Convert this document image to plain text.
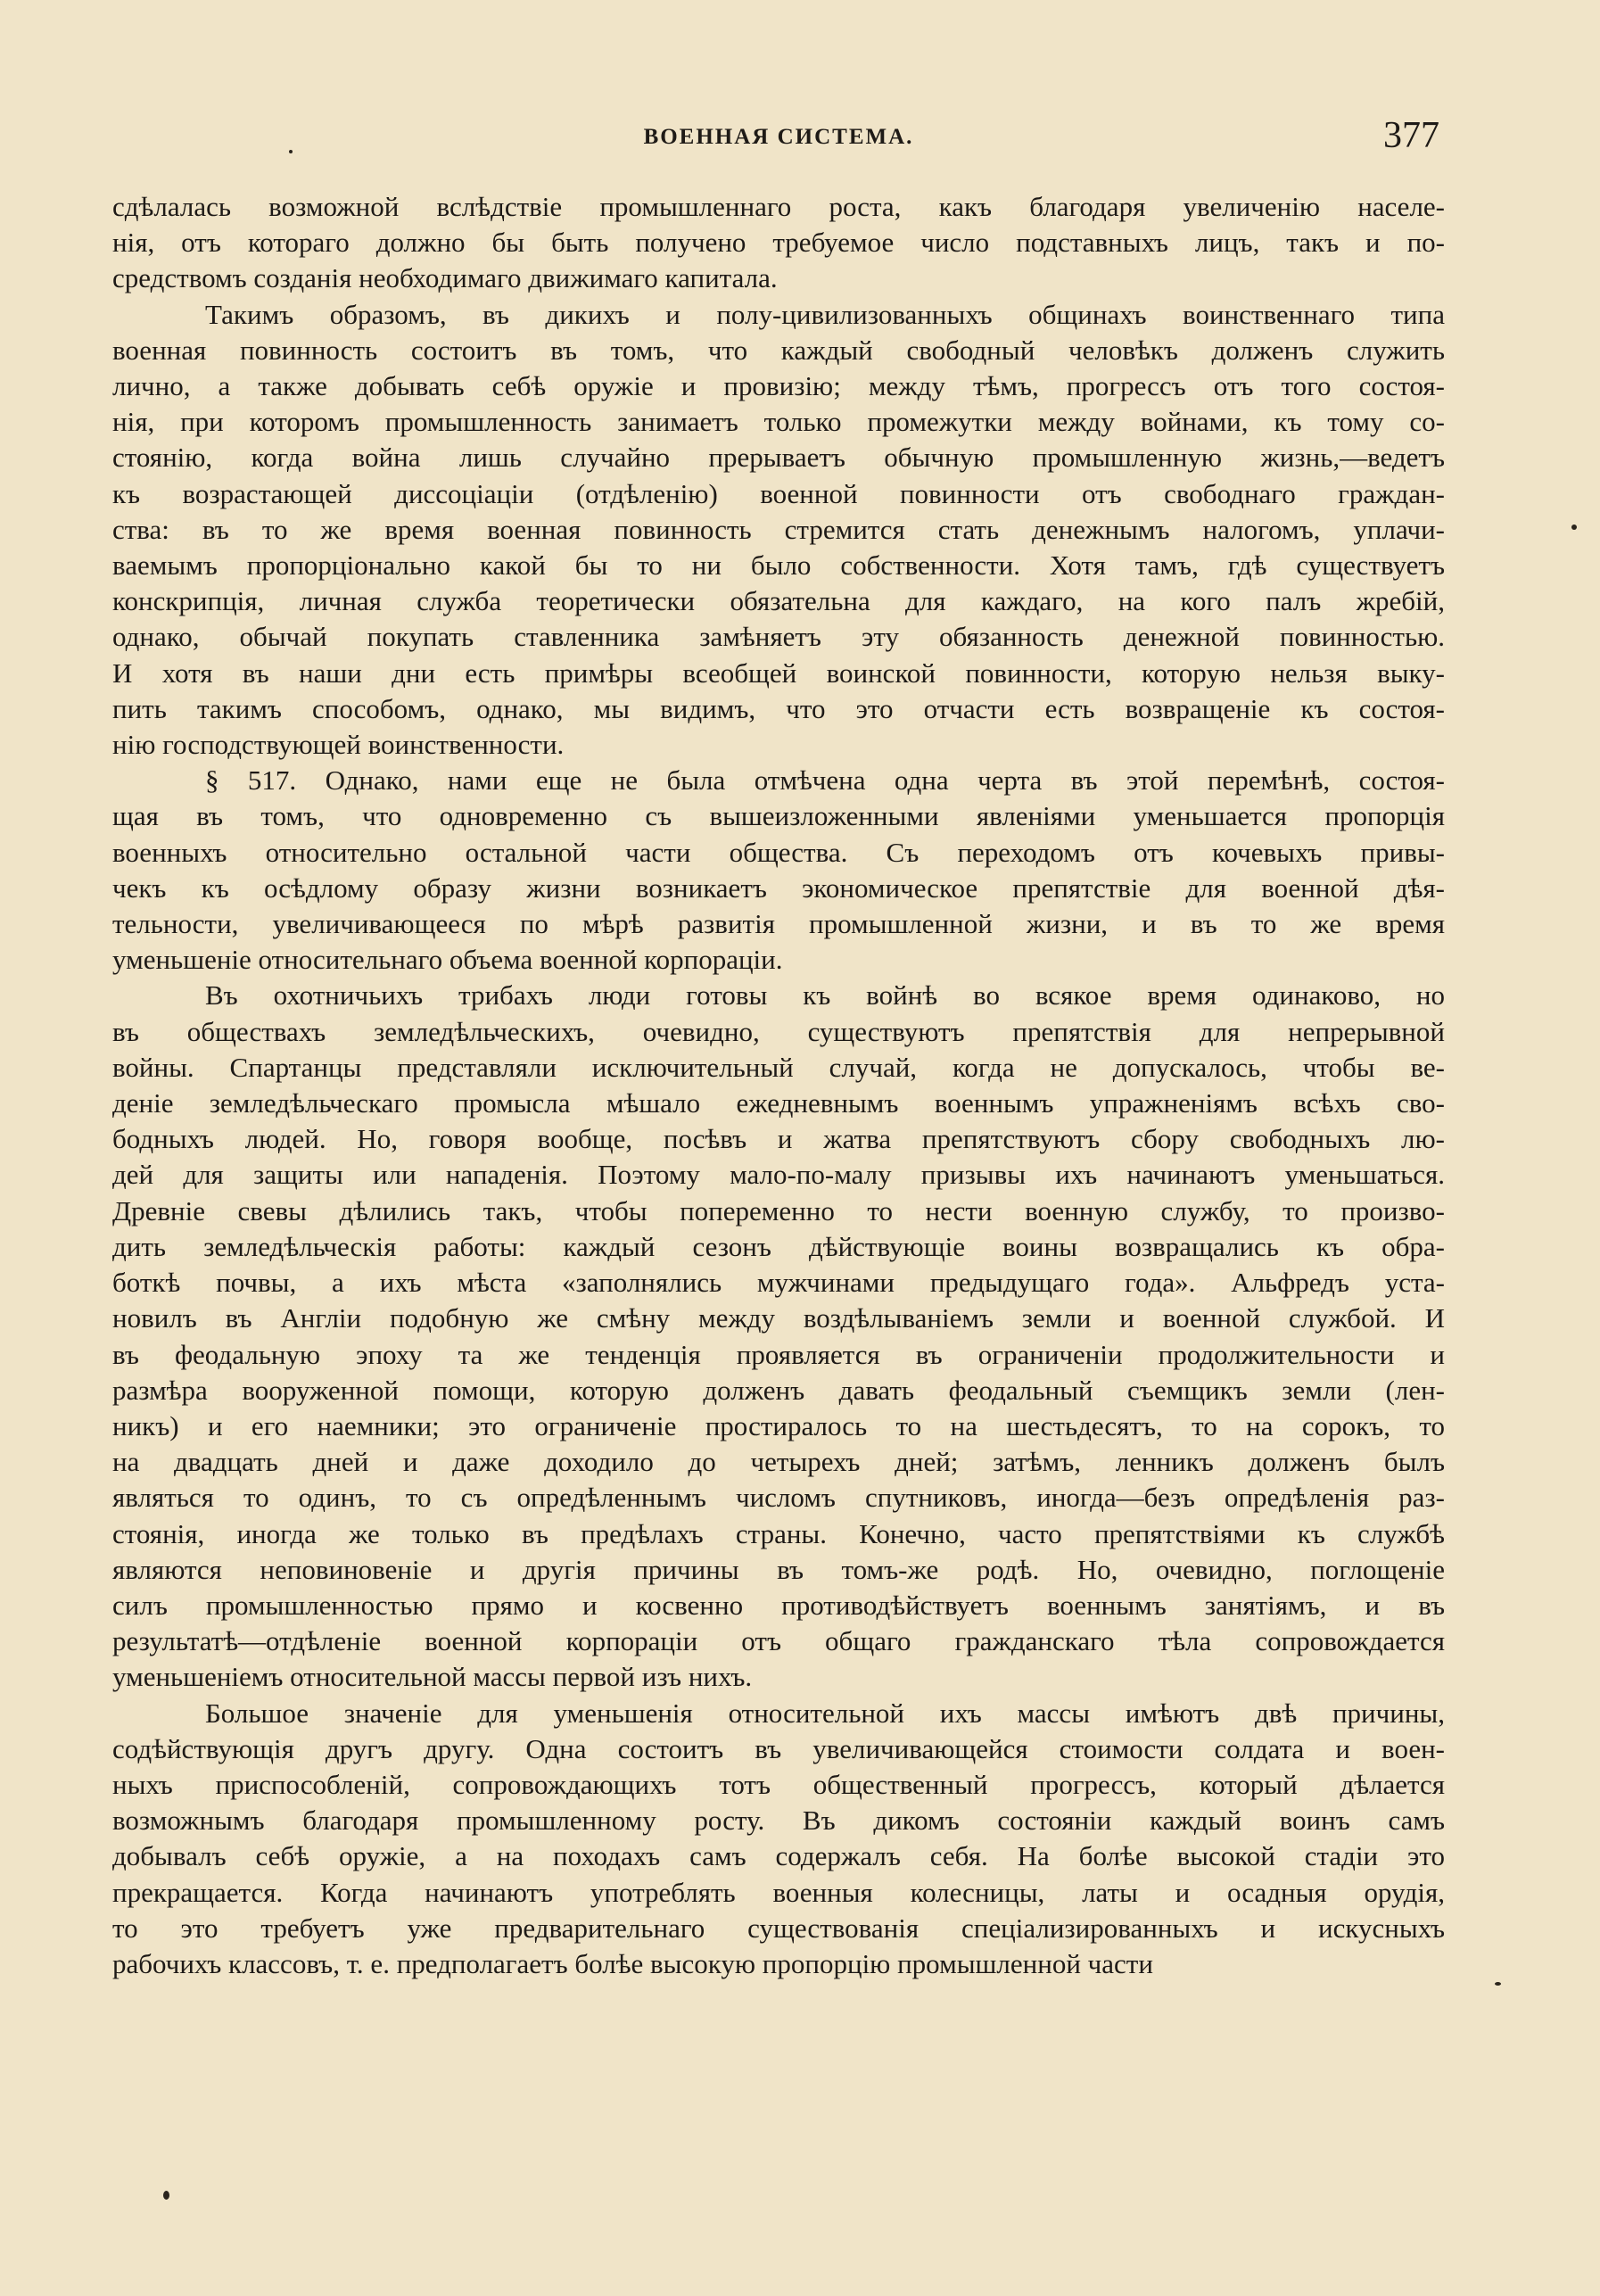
ВОЕННАЯ СИСТЕМА.	377
сдѣлалась возможной вслѣдствіе промышленнаго роста, какъ благодаря увеличенію населе-
нія, отъ котораго должно бы быть получено требуемое число подставныхъ лицъ, такъ и по-
средствомъ созданія необходимаго движимаго капитала.
Такимъ образомъ, въ дикихъ и полу-цивилизованныхъ общинахъ воинственнаго типа
военная повинность состоитъ въ томъ, что каждый свободный человѣкъ долженъ служить
лично, а также добывать себѣ оружіе и провизію; между тѣмъ, прогрессъ отъ того состоя-
нія, при которомъ промышленность занимаетъ только промежутки между войнами, къ тому со-
стоянію, когда война лишь случайно прерываетъ обычную промышленную жизнь,—ведетъ
къ возрастающей диссоціаціи (отдѣленію) военной повинности отъ свободнаго граждан-
ства: въ то же время военная повинность стремится стать денежнымъ налогомъ, уплачи-
ваемымъ пропорціонально какой бы то ни было собственности. Хотя тамъ, гдѣ существуетъ
конскрипція, личная служба теоретически обязательна для каждаго, на кого палъ жребій,
однако, обычай покупать ставленника замѣняетъ эту обязанность денежной повинностью.
И хотя въ наши дни есть примѣры всеобщей воинской повинности, которую нельзя выку-
пить такимъ способомъ, однако, мы видимъ, что это отчасти есть возвращеніе къ состоя-
нію господствующей воинственности.
§ 517. Однако, нами еще не была отмѣчена одна черта въ этой перемѣнѣ, состоя-
щая въ томъ, что одновременно съ вышеизложенными явленіями уменьшается пропорція
военныхъ относительно остальной части общества. Съ переходомъ отъ кочевыхъ привы-
чекъ къ осѣдлому образу жизни возникаетъ экономическое препятствіе для военной дѣя-
тельности, увеличивающееся по мѣрѣ развитія промышленной жизни, и въ то же время
уменьшеніе относительнаго объема военной корпораціи.
Въ охотничьихъ трибахъ люди готовы къ войнѣ во всякое время одинаково, но
въ обществахъ земледѣльческихъ, очевидно, существуютъ препятствія для непрерывной
войны. Спартанцы представляли исключительный случай, когда не допускалось, чтобы ве-
деніе земледѣльческаго промысла мѣшало ежедневнымъ военнымъ упражненіямъ всѣхъ сво-
бодныхъ людей. Но, говоря вообще, посѣвъ и жатва препятствуютъ сбору свободныхъ лю-
дей для защиты или нападенія. Поэтому мало-по-малу призывы ихъ начинаютъ уменьшаться.
Древніе свевы дѣлились такъ, чтобы попеременно то нести военную службу, то произво-
дить земледѣльческія работы: каждый сезонъ дѣйствующіе воины возвращались къ обра-
боткѣ почвы, а ихъ мѣста «заполнялись мужчинами предыдущаго года». Альфредъ уста-
новилъ въ Англіи подобную же смѣну между воздѣлываніемъ земли и военной службой. И
въ феодальную эпоху та же тенденція проявляется въ ограниченіи продолжительности и
размѣра вооруженной помощи, которую долженъ давать феодальный съемщикъ земли (лен-
никъ) и его наемники; это ограниченіе простиралось то на шестьдесятъ, то на сорокъ, то
на двадцать дней и даже доходило до четырехъ дней; затѣмъ, ленникъ долженъ былъ
являться то одинъ, то съ опредѣленнымъ числомъ спутниковъ, иногда—безъ опредѣленія раз-
стоянія, иногда же только въ предѣлахъ страны. Конечно, часто препятствіями къ службѣ
являются неповиновеніе и другія причины въ томъ-же родѣ. Но, очевидно, поглощеніе
силъ промышленностью прямо и косвенно противодѣйствуетъ военнымъ занятіямъ, и въ
результатѣ—отдѣленіе военной корпораціи отъ общаго гражданскаго тѣла сопровождается
уменьшеніемъ относительной массы первой изъ нихъ.
Большое значеніе для уменьшенія относительной ихъ массы имѣютъ двѣ причины,
содѣйствующія другъ другу. Одна состоитъ въ увеличивающейся стоимости солдата и воен-
ныхъ приспособленій, сопровождающихъ тотъ общественный прогрессъ, который дѣлается
возможнымъ благодаря промышленному росту. Въ дикомъ состояніи каждый воинъ самъ
добывалъ себѣ оружіе, а на походахъ самъ содержалъ себя. На болѣе высокой стадіи это
прекращается. Когда начинаютъ употреблять военныя колесницы, латы и осадныя орудія,
то это требуетъ уже предварительнаго существованія спеціализированныхъ и искусныхъ
рабочихъ классовъ, т. е. предполагаетъ болѣе высокую пропорцію промышленной части
